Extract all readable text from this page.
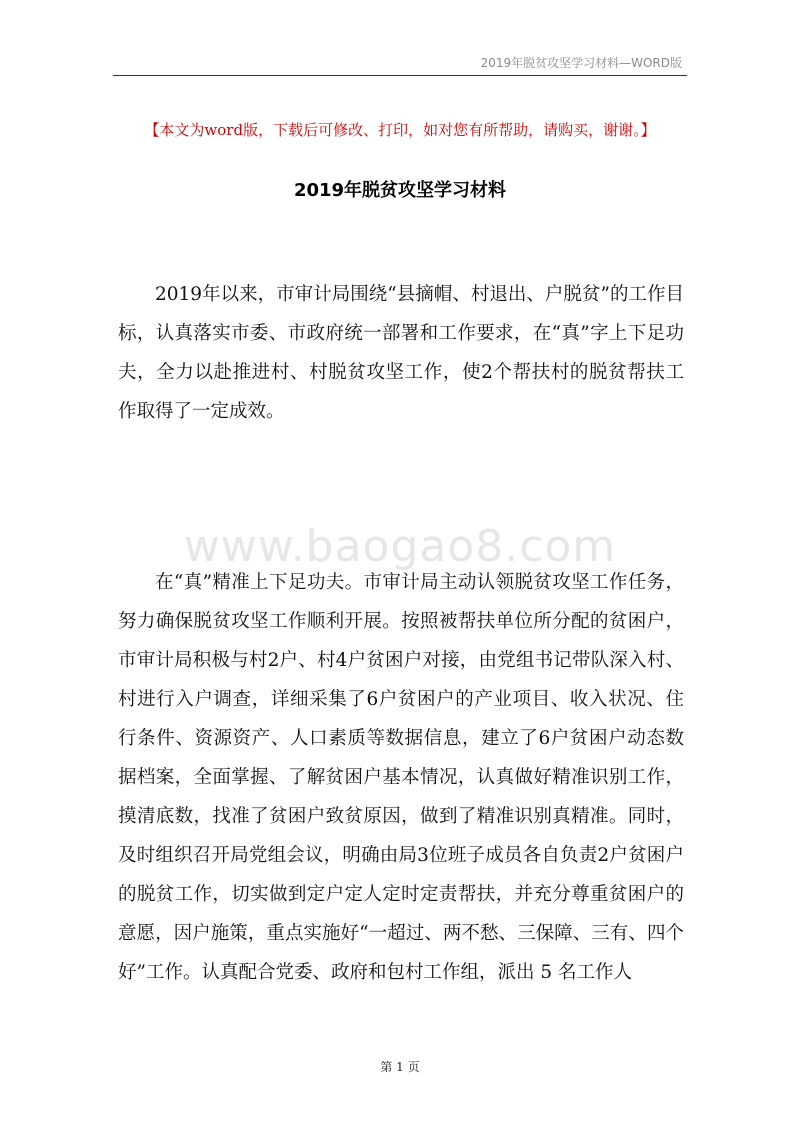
2019年脱贫攻坚学习材料—WORD版
【本文为word版，下载后可修改、打印，如对您有所帮助，请购买，谢谢。】
2019年脱贫攻坚学习材料

2019年以来，市审计局围绕“县摘帽、村退出、户脱贫”的工作目标，认真落实市委、市政府统一部署和工作要求，在“真”字上下足功夫，全力以赴推进村、村脱贫攻坚工作，使2个帮扶村的脱贫帮扶工作取得了一定成效。

www.baogao8.com

在“真”精准上下足功夫。市审计局主动认领脱贫攻坚工作任务，努力确保脱贫攻坚工作顺利开展。按照被帮扶单位所分配的贫困户，市审计局积极与村2户、村4户贫困户对接，由党组书记带队深入村、村进行入户调查，详细采集了6户贫困户的产业项目、收入状况、住行条件、资源资产、人口素质等数据信息，建立了6户贫困户动态数据档案，全面掌握、了解贫困户基本情况，认真做好精准识别工作，摸清底数，找准了贫困户致贫原因，做到了精准识别真精准。同时，及时组织召开局党组会议，明确由局3位班子成员各自负责2户贫困户的脱贫工作，切实做到定户定人定时定责帮扶，并充分尊重贫困户的意愿，因户施策，重点实施好“一超过、两不愁、三保障、三有、四个好”工作。认真配合党委、政府和包村工作组，派出 5 名工作人

第 1 页
